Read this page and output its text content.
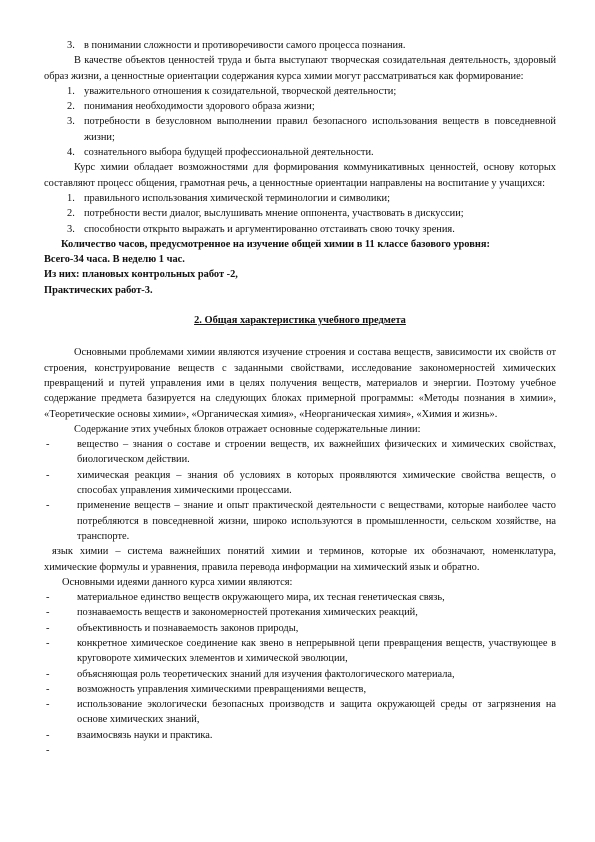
3. в понимании сложности и противоречивости самого процесса познания.

В качестве объектов ценностей труда и быта выступают творческая созидательная деятельность, здоровый образ жизни, а ценностные ориентации содержания курса химии могут рассматриваться как формирование:

1. уважительного отношения к созидательной, творческой деятельности;
2. понимания необходимости здорового образа жизни;
3. потребности в безусловном выполнении правил безопасного использования веществ в повседневной жизни;
4. сознательного выбора будущей профессиональной деятельности.

Курс химии обладает возможностями для формирования коммуникативных ценностей, основу которых составляют процесс общения, грамотная речь, а ценностные ориентации направлены на воспитание у учащихся:

1. правильного использования химической терминологии и символики;
2. потребности вести диалог, выслушивать мнение оппонента, участвовать в дискуссии;
3. способности открыто выражать и аргументированно отстаивать свою точку зрения.

Количество часов, предусмотренное на изучение общей химии в 11 классе базового уровня:

Всего-34 часа. В неделю 1 час.

Из них: плановых контрольных работ -2,

Практических работ-3.

2. Общая характеристика учебного предмета

Основными проблемами химии являются изучение строения и состава веществ, зависимости их свойств от строения, конструирование веществ с заданными свойствами, исследование закономерностей химических превращений и путей управления ими в целях получения веществ, материалов и энергии. Поэтому учебное содержание предмета базируется на следующих блоках примерной программы: «Методы познания в химии», «Теоретические основы химии», «Органическая химия», «Неорганическая химия», «Химия и жизнь».

Содержание этих учебных блоков отражает основные содержательные линии:

-	вещество – знания о составе и строении веществ, их важнейших физических и химических свойствах, биологическом действии.
-	химическая реакция – знания об условиях в которых проявляются химические свойства веществ, о способах управления химическими процессами.
-	применение веществ – знание и опыт практической деятельности с веществами, которые наиболее часто потребляются в повседневной жизни, широко используются в промышленности, сельском хозяйстве, на транспорте.

язык химии – система важнейших понятий химии и терминов, которые их обозначают, номенклатура, химические формулы и уравнения, правила перевода информации на химический язык и обратно.

Основными идеями данного курса химии являются:

-	материальное единство веществ окружающего мира, их тесная генетическая связь,
-	познаваемость веществ и закономерностей протекания химических реакций,
-	объективность и познаваемость законов природы,
-	конкретное химическое соединение как звено в непрерывной цепи превращения веществ, участвующее в круговороте химических элементов и химической эволюции,
-	объясняющая роль теоретических знаний для изучения фактологического материала,
-	возможность управления химическими превращениями веществ,
-	использование экологически безопасных производств и защита окружающей среды от загрязнения на основе химических знаний,
-	взаимосвязь науки и практика.
-
